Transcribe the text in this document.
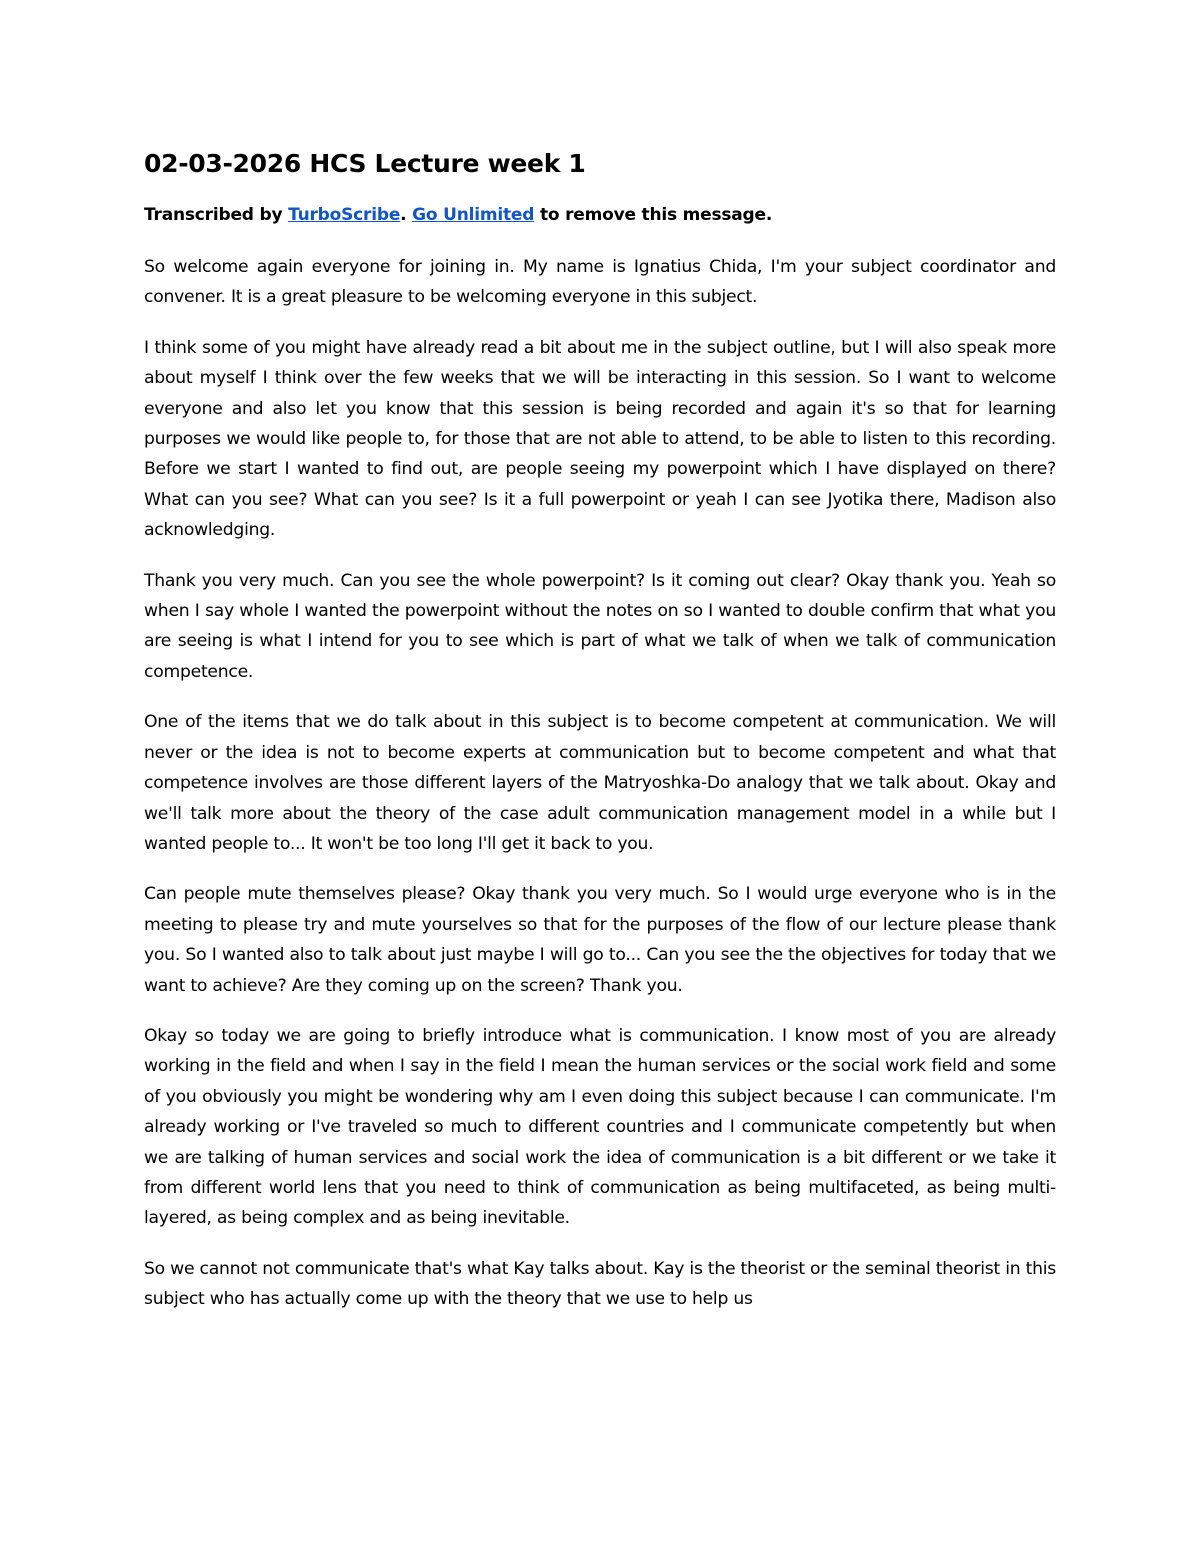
02-03-2026 HCS Lecture week 1
Transcribed by TurboScribe. Go Unlimited to remove this message.

So welcome again everyone for joining in. My name is Ignatius Chida, I'm your subject coordinator and convener. It is a great pleasure to be welcoming everyone in this subject.

I think some of you might have already read a bit about me in the subject outline, but I will also speak more about myself I think over the few weeks that we will be interacting in this session. So I want to welcome everyone and also let you know that this session is being recorded and again it's so that for learning purposes we would like people to, for those that are not able to attend, to be able to listen to this recording. Before we start I wanted to find out, are people seeing my powerpoint which I have displayed on there? What can you see? What can you see? Is it a full powerpoint or yeah I can see Jyotika there, Madison also acknowledging.

Thank you very much. Can you see the whole powerpoint? Is it coming out clear? Okay thank you. Yeah so when I say whole I wanted the powerpoint without the notes on so I wanted to double confirm that what you are seeing is what I intend for you to see which is part of what we talk of when we talk of communication competence.

One of the items that we do talk about in this subject is to become competent at communication. We will never or the idea is not to become experts at communication but to become competent and what that competence involves are those different layers of the Matryoshka-Do analogy that we talk about. Okay and we'll talk more about the theory of the case adult communication management model in a while but I wanted people to... It won't be too long I'll get it back to you.

Can people mute themselves please? Okay thank you very much. So I would urge everyone who is in the meeting to please try and mute yourselves so that for the purposes of the flow of our lecture please thank you. So I wanted also to talk about just maybe I will go to... Can you see the the objectives for today that we want to achieve? Are they coming up on the screen? Thank you.

Okay so today we are going to briefly introduce what is communication. I know most of you are already working in the field and when I say in the field I mean the human services or the social work field and some of you obviously you might be wondering why am I even doing this subject because I can communicate. I'm already working or I've traveled so much to different countries and I communicate competently but when we are talking of human services and social work the idea of communication is a bit different or we take it from different world lens that you need to think of communication as being multifaceted, as being multi-layered, as being complex and as being inevitable.

So we cannot not communicate that's what Kay talks about. Kay is the theorist or the seminal theorist in this subject who has actually come up with the theory that we use to help us
